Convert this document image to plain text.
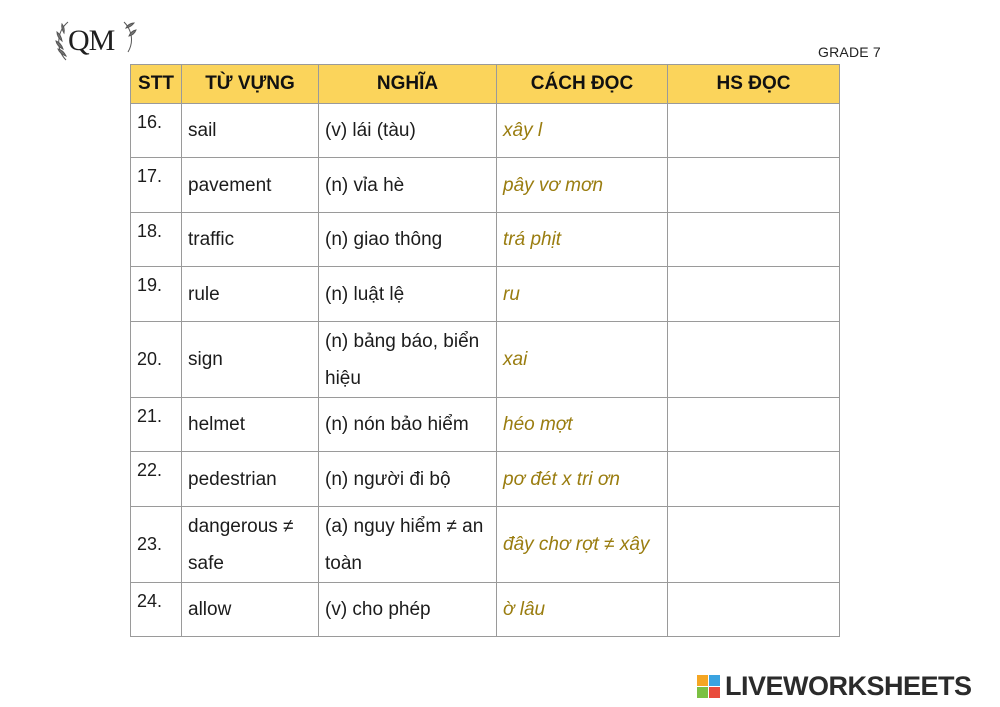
QM	GRADE 7
STT	TỪ VỰNG	NGHĨA	CÁCH ĐỌC	HS ĐỌC
16.	sail	(v) lái (tàu)	xây l	
17.	pavement	(n) vỉa hè	pây vơ mơn	
18.	traffic	(n) giao thông	trá phịt	
19.	rule	(n) luật lệ	ru	
20.	sign	(n) bảng báo, biển hiệu	xai	
21.	helmet	(n) nón bảo hiểm	héo mợt	
22.	pedestrian	(n) người đi bộ	pơ đét x tri ơn	
23.	dangerous ≠ safe	(a) nguy hiểm ≠ an toàn	đây chơ rợt ≠ xây	
24.	allow	(v) cho phép	ờ lâu	
LIVEWORKSHEETS
